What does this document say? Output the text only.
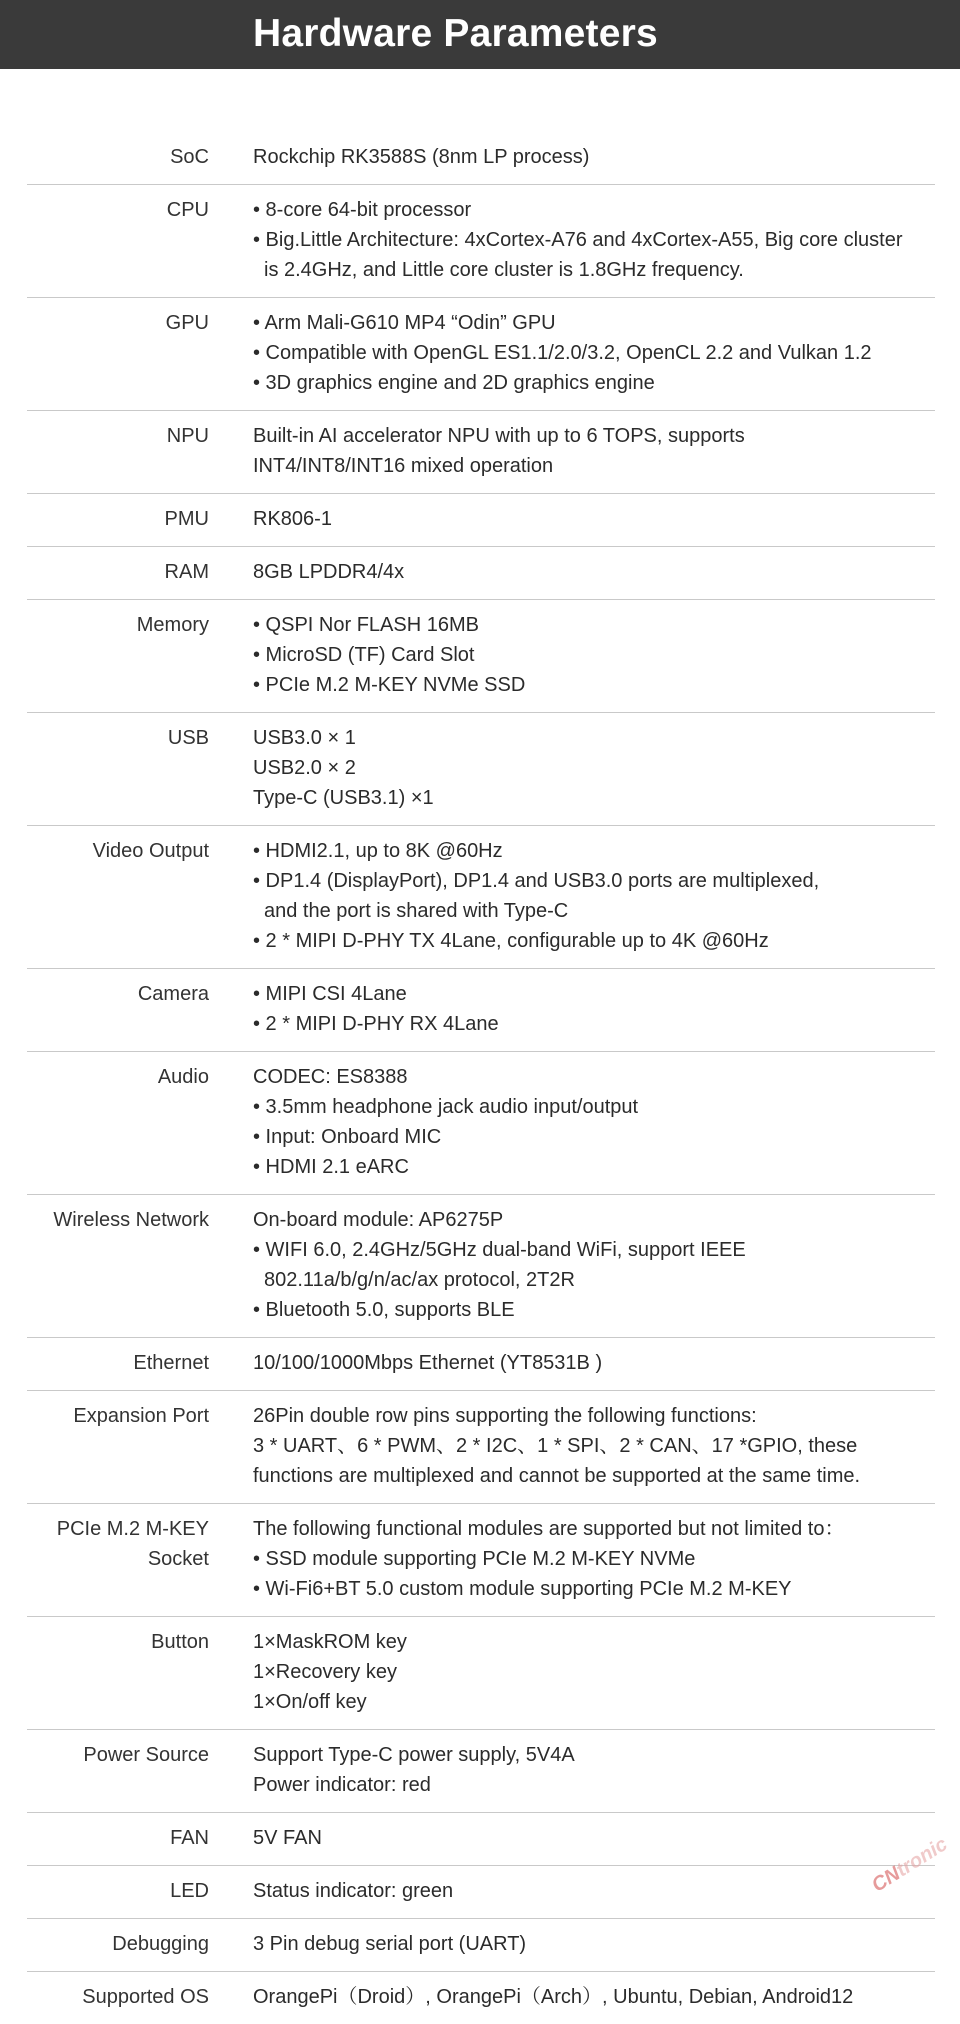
Hardware Parameters
SoC Rockchip RK3588S (8nm LP process)
CPU • 8-core 64-bit processor
• Big.Little Architecture: 4xCortex-A76 and 4xCortex-A55, Big core cluster
is 2.4GHz, and Little core cluster is 1.8GHz frequency.
GPU • Arm Mali-G610 MP4 “Odin” GPU
• Compatible with OpenGL ES1.1/2.0/3.2, OpenCL 2.2 and Vulkan 1.2
• 3D graphics engine and 2D graphics engine
NPU Built-in AI accelerator NPU with up to 6 TOPS, supports
INT4/INT8/INT16 mixed operation
PMU RK806-1
RAM 8GB LPDDR4/4x
Memory • QSPI Nor FLASH 16MB
• MicroSD (TF) Card Slot
• PCIe M.2 M-KEY NVMe SSD
USB USB3.0 × 1
USB2.0 × 2
Type-C (USB3.1) ×1
Video Output • HDMI2.1, up to 8K @60Hz
• DP1.4 (DisplayPort), DP1.4 and USB3.0 ports are multiplexed,
and the port is shared with Type-C
• 2 * MIPI D-PHY TX 4Lane, configurable up to 4K @60Hz
Camera • MIPI CSI 4Lane
• 2 * MIPI D-PHY RX 4Lane
Audio CODEC: ES8388
• 3.5mm headphone jack audio input/output
• Input: Onboard MIC
• HDMI 2.1 eARC
Wireless Network On-board module: AP6275P
• WIFI 6.0, 2.4GHz/5GHz dual-band WiFi, support IEEE
802.11a/b/g/n/ac/ax protocol, 2T2R
• Bluetooth 5.0, supports BLE
Ethernet 10/100/1000Mbps Ethernet (YT8531B )
Expansion Port 26Pin double row pins supporting the following functions:
3 * UART、6 * PWM、2 * I2C、1 * SPI、2 * CAN、17 *GPIO, these
functions are multiplexed and cannot be supported at the same time.
PCIe M.2 M-KEY
Socket
The following functional modules are supported but not limited to：
• SSD module supporting PCIe M.2 M-KEY NVMe
• Wi-Fi6+BT 5.0 custom module supporting PCIe M.2 M-KEY
Button 1×MaskROM key
1×Recovery key
1×On/off key
Power Source Support Type-C power supply, 5V4A
Power indicator: red
FAN 5V FAN
LED Status indicator: green
Debugging 3 Pin debug serial port (UART)
Supported OS OrangePi（Droid）, OrangePi（Arch）, Ubuntu, Debian, Android12
CNtronic
